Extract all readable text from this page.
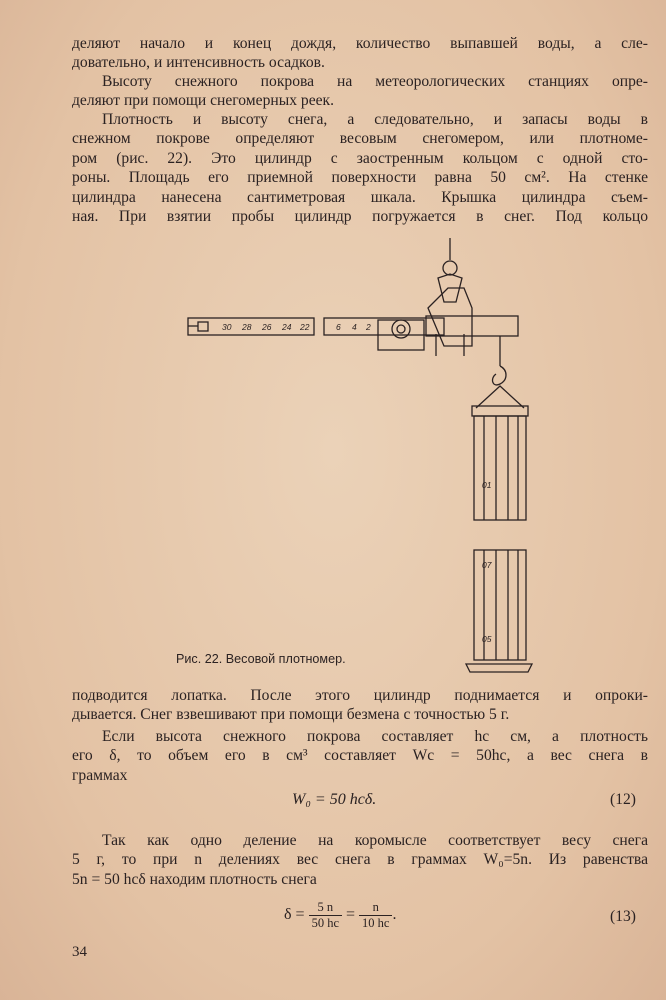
деляют начало и конец дождя, количество выпавшей воды, а сле-
довательно, и интенсивность осадков.
Высоту снежного покрова на метеорологических станциях опре-
деляют при помощи снегомерных реек.
Плотность и высоту снега, а следовательно, и запасы воды в
снежном покрове определяют весовым снегомером, или плотноме-
ром (рис. 22). Это цилиндр с заостренным кольцом с одной сто-
роны. Площадь его приемной поверхности равна 50 см². На стенке
цилиндра нанесена сантиметровая шкала. Крышка цилиндра съем-
ная. При взятии пробы цилиндр погружается в снег. Под кольцо
30 28 26 24 22	6 4 2
01
07
05
Рис. 22. Весовой плотномер.
подводится лопатка. После этого цилиндр поднимается и опроки-
дывается. Снег взвешивают при помощи безмена с точностью 5 г.
Если высота снежного покрова составляет hc см, а плотность
его δ, то объем его в см³ составляет Wc = 50hc, а вес снега в
граммах
W₀ = 50 hcδ.	(12)
Так как одно деление на коромысле соответствует весу снега
5 г, то при n делениях вес снега в граммах W₀=5n. Из равенства
5n = 50 hcδ находим плотность снега
$\delta = \frac{5 n}{50 hc} = \frac{n}{10 hc}$ .	(13)
34
